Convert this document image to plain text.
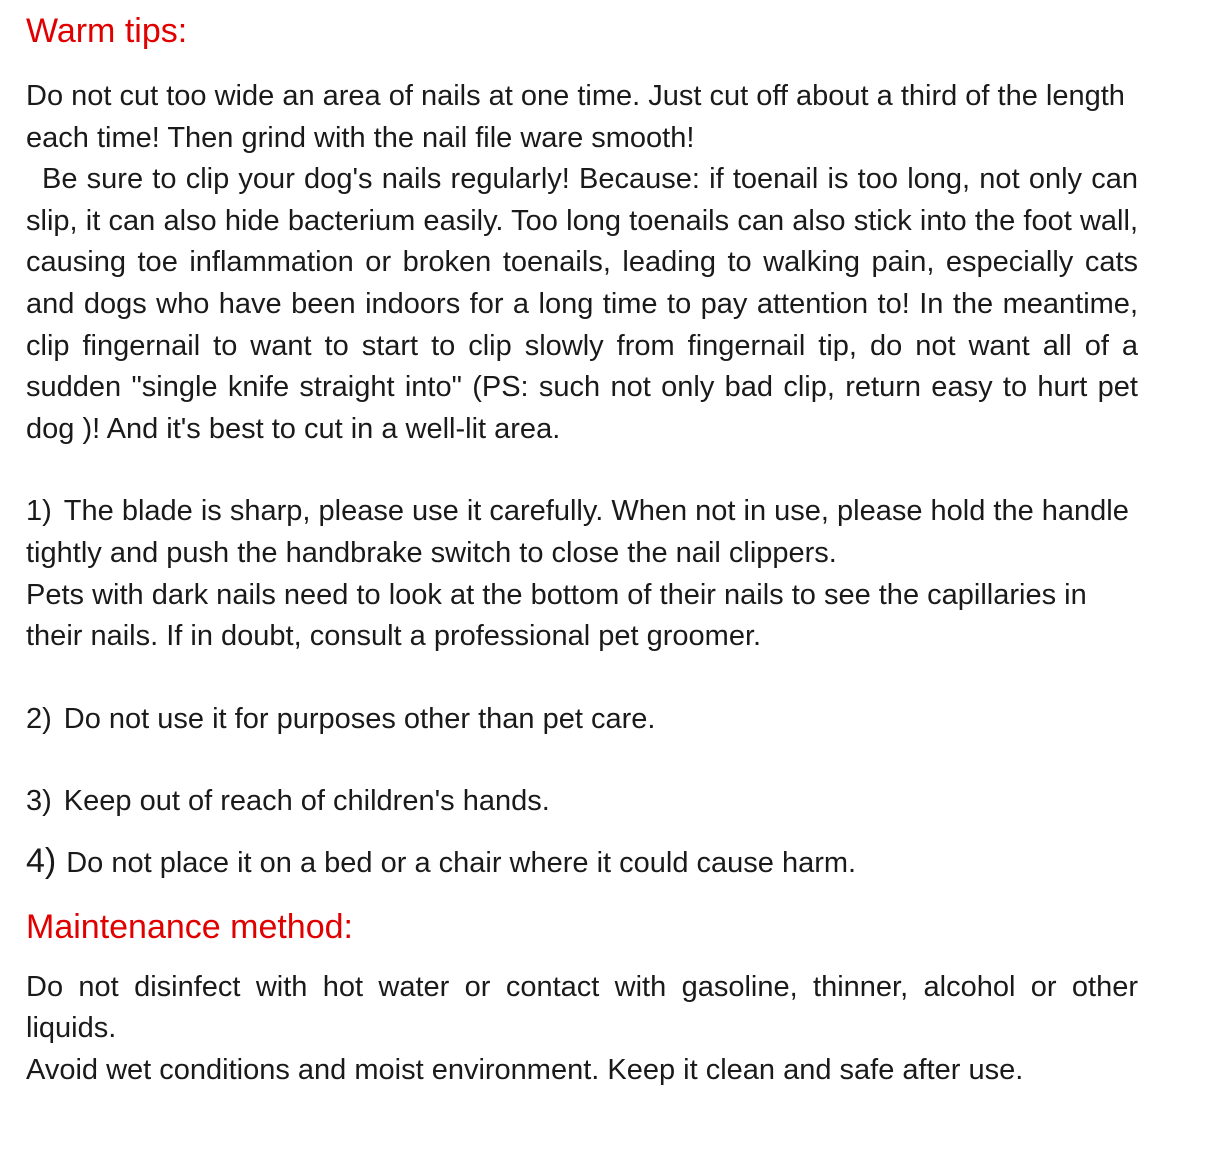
Warm tips:

Do not cut too wide an area of nails at one time. Just cut off about a third of the length each time! Then grind with the nail file ware smooth!

Be sure to clip your dog's nails regularly! Because: if toenail is too long, not only can slip, it can also hide bacterium easily. Too long toenails can also stick into the foot wall, causing toe inflammation or broken toenails, leading to walking pain, especially cats and dogs who have been indoors for a long time to pay attention to! In the meantime, clip fingernail to want to start to clip slowly from fingernail tip, do not want all of a sudden "single knife straight into" (PS: such not only bad clip, return easy to hurt pet dog )! And it's best to cut in a well-lit area.

1) The blade is sharp, please use it carefully. When not in use, please hold the handle tightly and push the handbrake switch to close the nail clippers.

Pets with dark nails need to look at the bottom of their nails to see the capillaries in their nails. If in doubt, consult a professional pet groomer.

2) Do not use it for purposes other than pet care.
3) Keep out of reach of children's hands.
4) Do not place it on a bed or a chair where it could cause harm.
Maintenance method:

Do not disinfect with hot water or contact with gasoline, thinner, alcohol or other liquids.

Avoid wet conditions and moist environment. Keep it clean and safe after use.
